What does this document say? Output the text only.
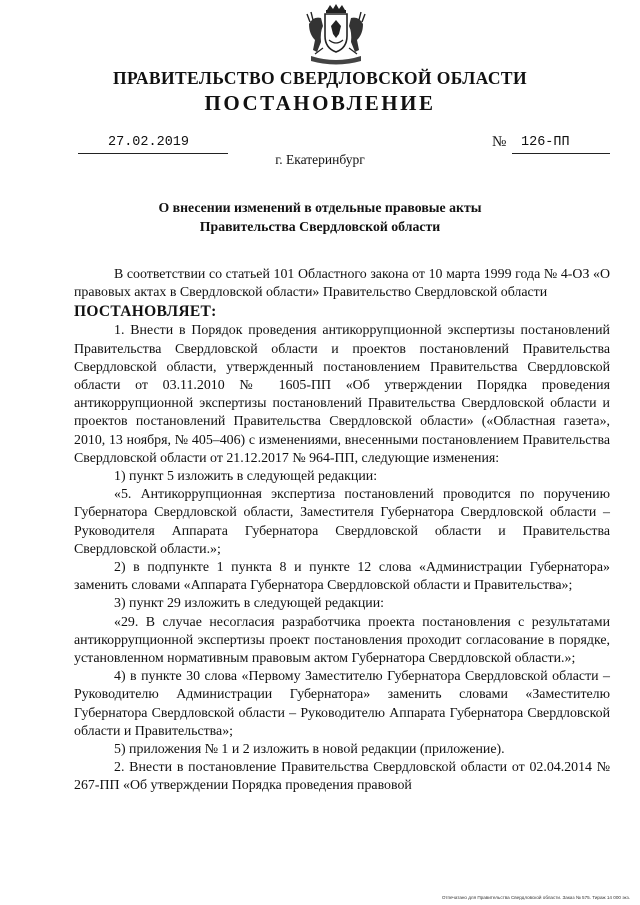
ПРАВИТЕЛЬСТВО СВЕРДЛОВСКОЙ ОБЛАСТИ
ПОСТАНОВЛЕНИЕ
27.02.2019	№ 126-ПП
г. Екатеринбург
О внесении изменений в отдельные правовые акты
Правительства Свердловской области

В соответствии со статьей 101 Областного закона от 10 марта 1999 года № 4-ОЗ «О правовых актах в Свердловской области» Правительство Свердловской области

ПОСТАНОВЛЯЕТ:

1. Внести в Порядок проведения антикоррупционной экспертизы постановлений Правительства Свердловской области и проектов постановлений Правительства Свердловской области, утвержденный постановлением Правительства Свердловской области от 03.11.2010 № 1605-ПП «Об утверждении Порядка проведения антикоррупционной экспертизы постановлений Правительства Свердловской области и проектов постановлений Правительства Свердловской области» («Областная газета», 2010, 13 ноября, № 405–406) с изменениями, внесенными постановлением Правительства Свердловской области от 21.12.2017 № 964-ПП, следующие изменения:

1) пункт 5 изложить в следующей редакции:

«5. Антикоррупционная экспертиза постановлений проводится по поручению Губернатора Свердловской области, Заместителя Губернатора Свердловской области – Руководителя Аппарата Губернатора Свердловской области и Правительства Свердловской области.»;

2) в подпункте 1 пункта 8 и пункте 12 слова «Администрации Губернатора» заменить словами «Аппарата Губернатора Свердловской области и Правительства»;

3) пункт 29 изложить в следующей редакции:

«29. В случае несогласия разработчика проекта постановления с результатами антикоррупционной экспертизы проект постановления проходит согласование в порядке, установленном нормативным правовым актом Губернатора Свердловской области.»;

4) в пункте 30 слова «Первому Заместителю Губернатора Свердловской области – Руководителю Администрации Губернатора» заменить словами «Заместителю Губернатора Свердловской области – Руководителю Аппарата Губернатора Свердловской области и Правительства»;

5) приложения № 1 и 2 изложить в новой редакции (приложение).

2. Внести в постановление Правительства Свердловской области от 02.04.2014 № 267-ПП «Об утверждении Порядка проведения правовой

Отпечатано для Правительства Свердловской области. Заказ № 575. Тираж 14 000 экз.
